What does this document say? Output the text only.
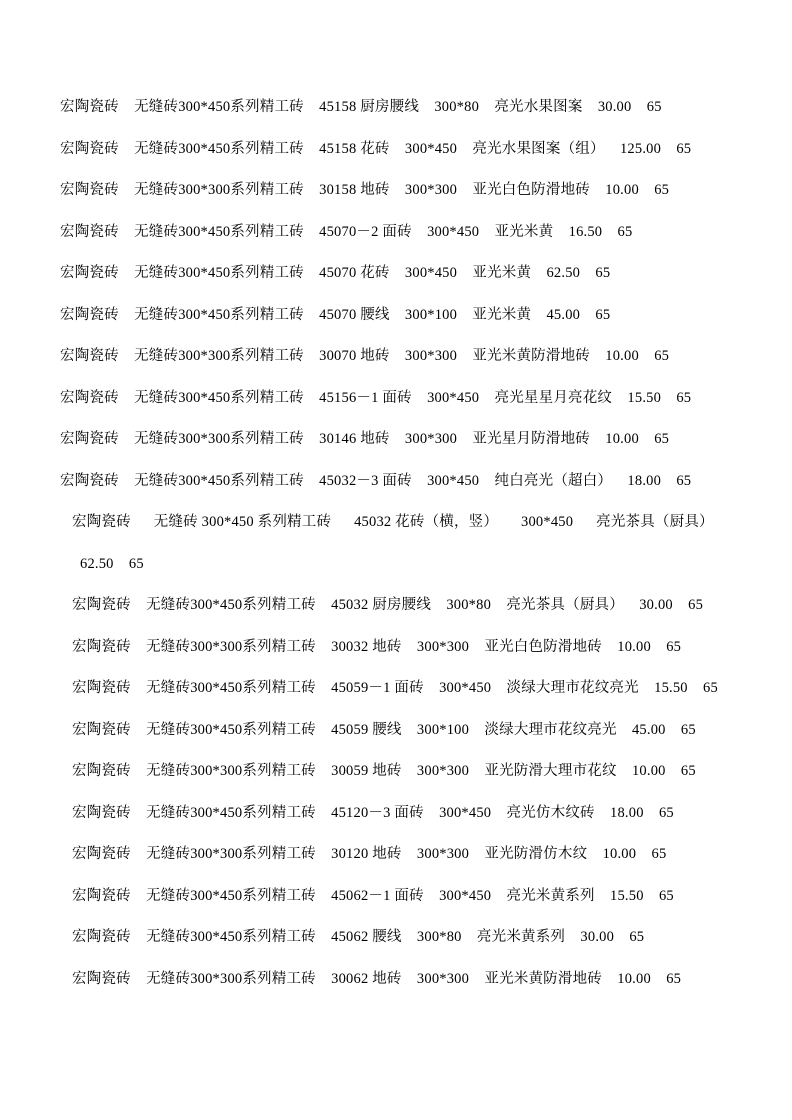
宏陶瓷砖    无缝砖300*450系列精工砖    45158 厨房腰线    300*80    亮光水果图案    30.00    65

宏陶瓷砖    无缝砖300*450系列精工砖    45158 花砖    300*450    亮光水果图案（组）    125.00    65

宏陶瓷砖    无缝砖300*300系列精工砖    30158 地砖    300*300    亚光白色防滑地砖    10.00    65

宏陶瓷砖    无缝砖300*450系列精工砖    45070－2 面砖    300*450    亚光米黄    16.50    65

宏陶瓷砖    无缝砖300*450系列精工砖    45070 花砖    300*450    亚光米黄    62.50    65

宏陶瓷砖    无缝砖300*450系列精工砖    45070 腰线    300*100    亚光米黄    45.00    65

宏陶瓷砖    无缝砖300*300系列精工砖    30070 地砖    300*300    亚光米黄防滑地砖    10.00    65

宏陶瓷砖    无缝砖300*450系列精工砖    45156－1 面砖    300*450    亮光星星月亮花纹    15.50    65

宏陶瓷砖    无缝砖300*300系列精工砖    30146 地砖    300*300    亚光星月防滑地砖    10.00    65

宏陶瓷砖    无缝砖300*450系列精工砖    45032－3 面砖    300*450    纯白亮光（超白）    18.00    65

宏陶瓷砖      无缝砖 300*450 系列精工砖      45032 花砖（横，竖）      300*450      亮光茶具（厨具）

62.50    65

宏陶瓷砖    无缝砖300*450系列精工砖    45032 厨房腰线    300*80    亮光茶具（厨具）    30.00    65

宏陶瓷砖    无缝砖300*300系列精工砖    30032 地砖    300*300    亚光白色防滑地砖    10.00    65

宏陶瓷砖    无缝砖300*450系列精工砖    45059－1 面砖    300*450    淡绿大理市花纹亮光    15.50    65

宏陶瓷砖    无缝砖300*450系列精工砖    45059 腰线    300*100    淡绿大理市花纹亮光    45.00    65

宏陶瓷砖    无缝砖300*300系列精工砖    30059 地砖    300*300    亚光防滑大理市花纹    10.00    65

宏陶瓷砖    无缝砖300*450系列精工砖    45120－3 面砖    300*450    亮光仿木纹砖    18.00    65

宏陶瓷砖    无缝砖300*300系列精工砖    30120 地砖    300*300    亚光防滑仿木纹    10.00    65

宏陶瓷砖    无缝砖300*450系列精工砖    45062－1 面砖    300*450    亮光米黄系列    15.50    65

宏陶瓷砖    无缝砖300*450系列精工砖    45062 腰线    300*80    亮光米黄系列    30.00    65

宏陶瓷砖    无缝砖300*300系列精工砖    30062 地砖    300*300    亚光米黄防滑地砖    10.00    65
